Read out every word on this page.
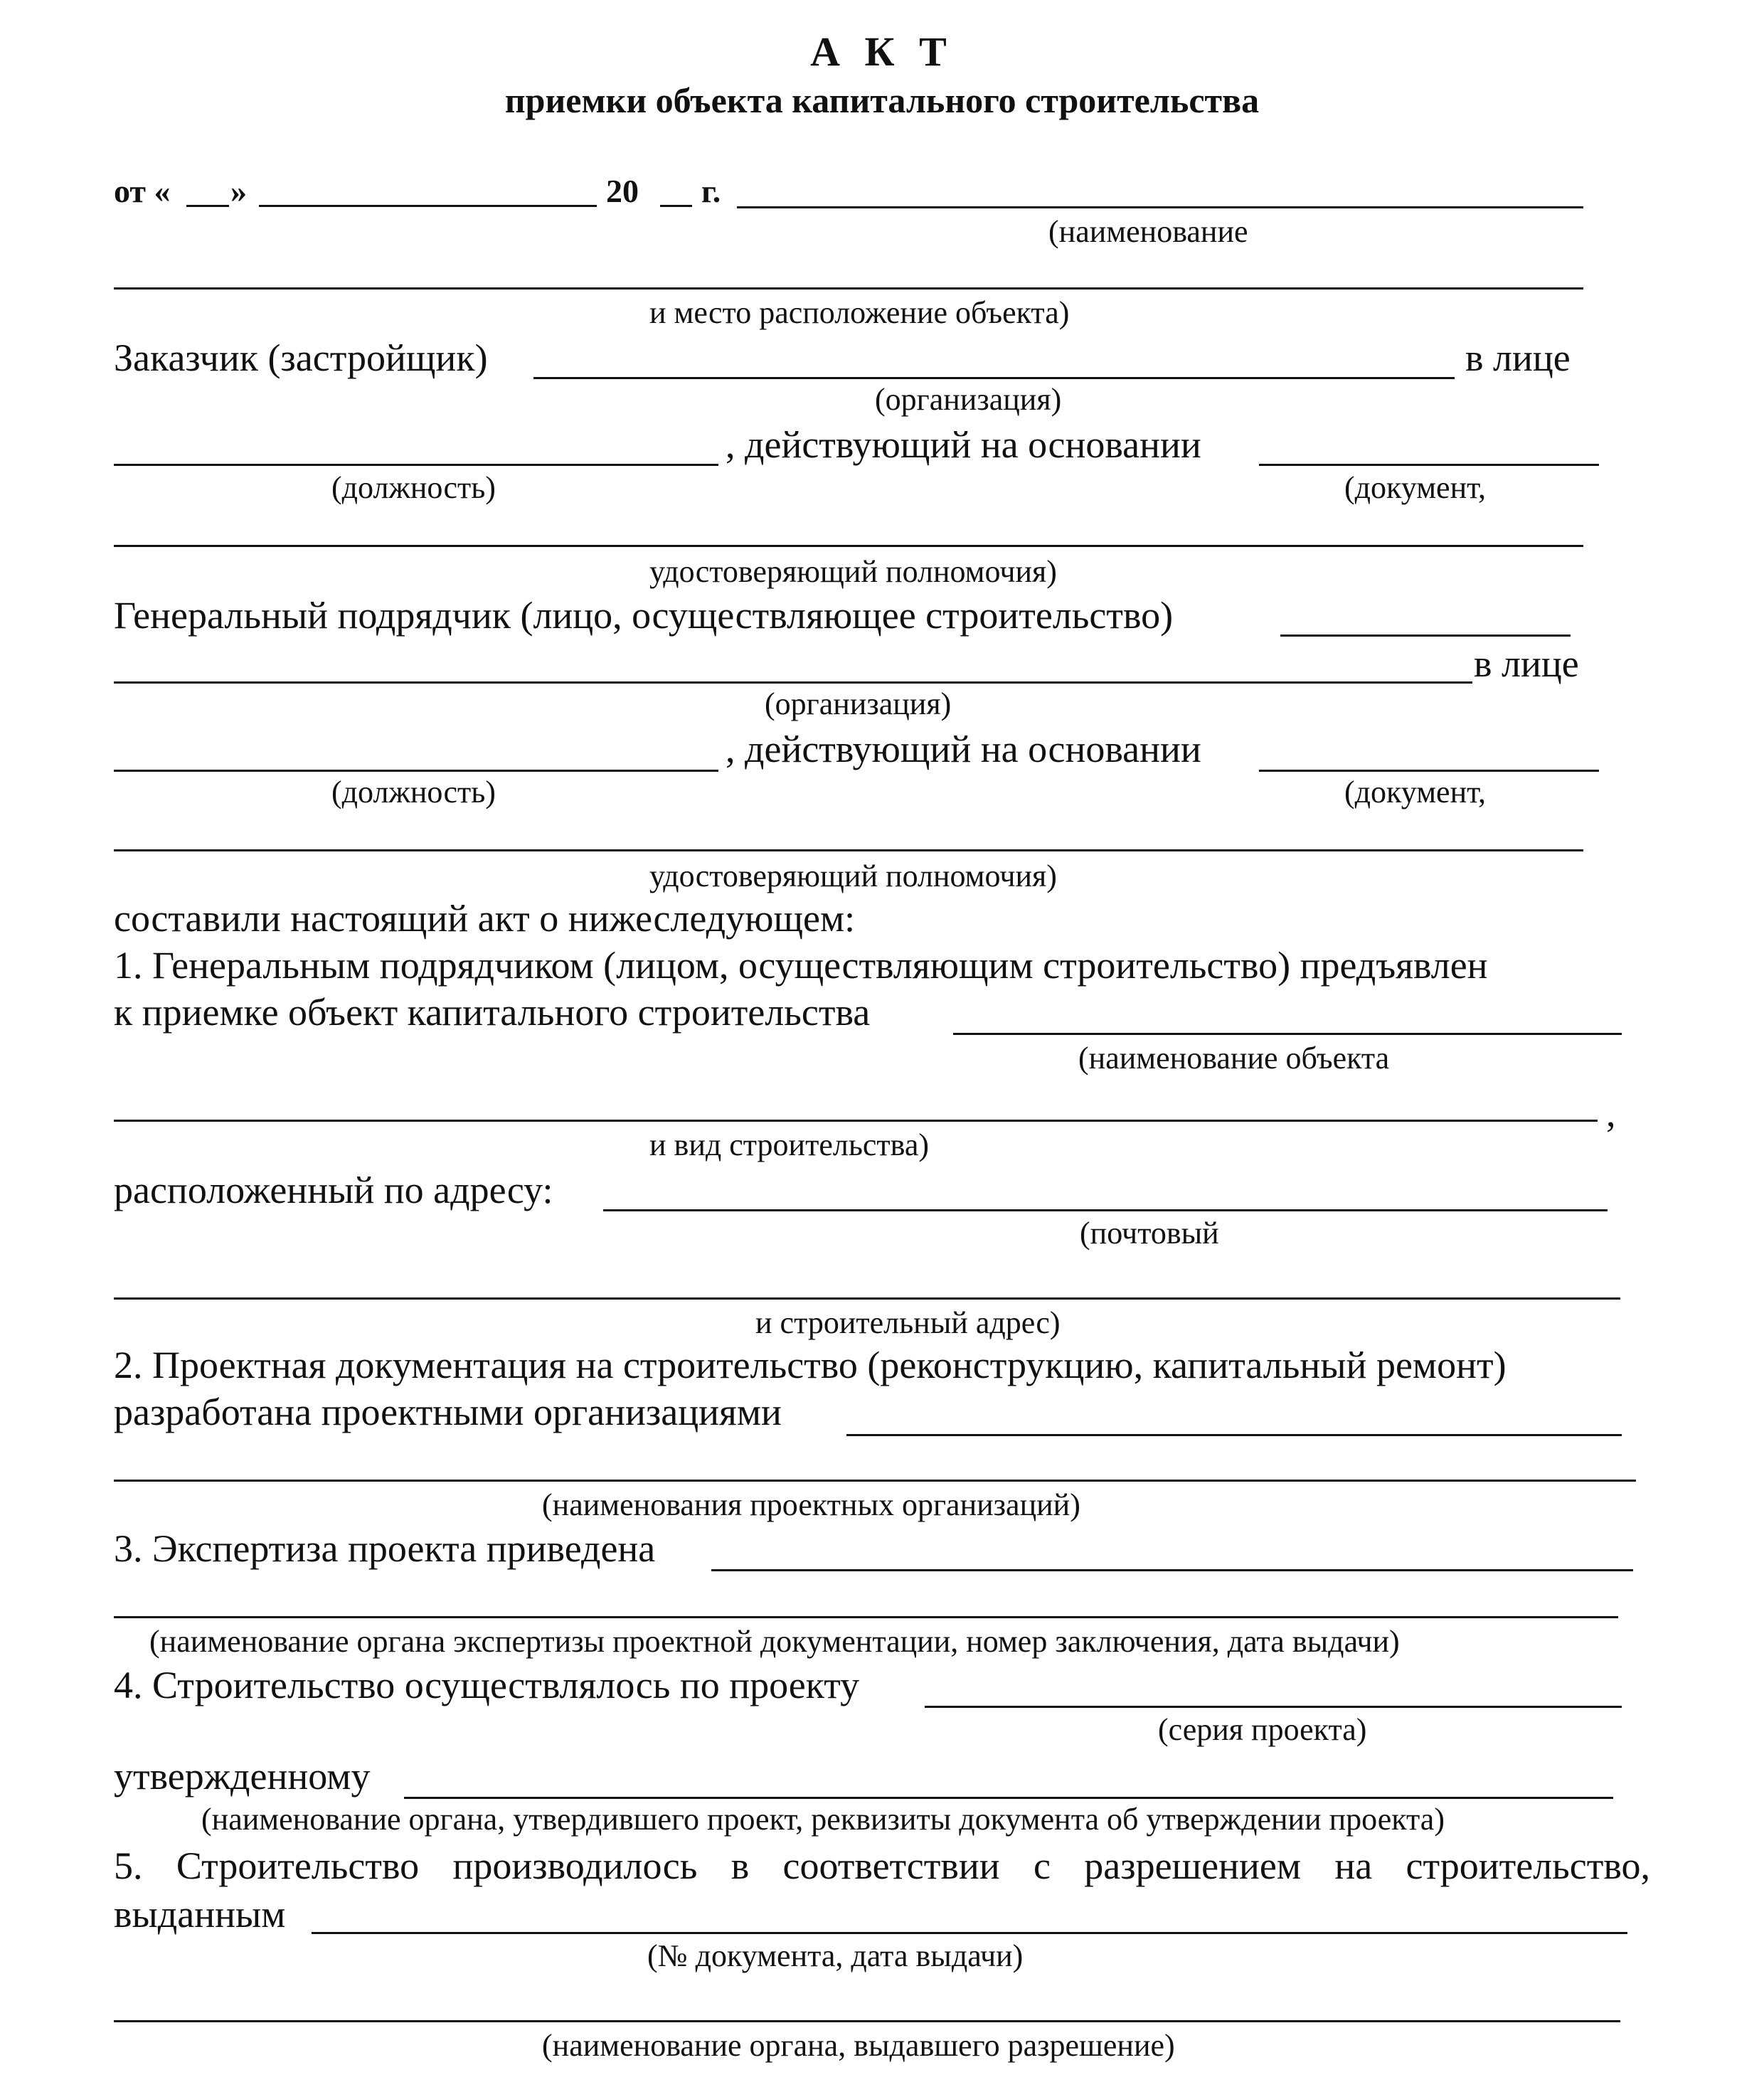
А К Т
приемки объекта капитального строительства
от « »	20 г.
(наименование
и место расположение объекта)
Заказчик (застройщик)	в лице
(организация)
, действующий на основании
(должность)	(документ,
удостоверяющий полномочия)
Генеральный подрядчик (лицо, осуществляющее строительство)
в лице
(организация)
, действующий на основании
(должность)	(документ,
удостоверяющий полномочия)
составили настоящий акт о нижеследующем:
1. Генеральным подрядчиком (лицом, осуществляющим строительство) предъявлен
к приемке объект капитального строительства
(наименование объекта
,
и вид строительства)
расположенный по адресу:
(почтовый
и строительный адрес)
2. Проектная документация на строительство (реконструкцию, капитальный ремонт)
разработана проектными организациями
(наименования проектных организаций)
3. Экспертиза проекта приведена
(наименование органа экспертизы проектной документации, номер заключения, дата выдачи)
4. Строительство осуществлялось по проекту
(серия проекта)
утвержденному
(наименование органа, утвердившего проект, реквизиты документа об утверждении проекта)
5. Строительство производилось в соответствии с разрешением на строительство,
выданным
(№ документа, дата выдачи)
(наименование органа, выдавшего разрешение)
